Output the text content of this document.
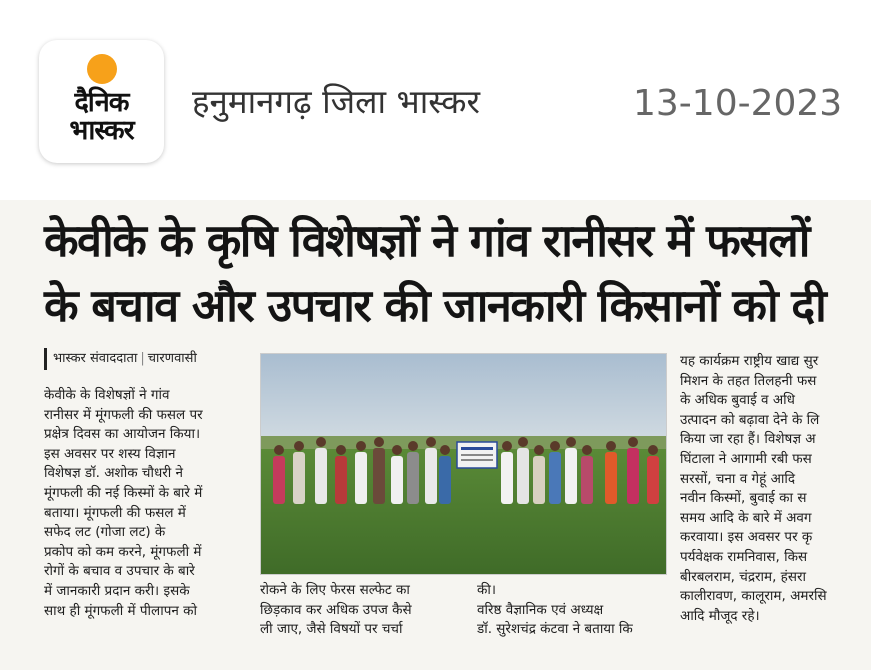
दैनिक
भास्कर
हनुमानगढ़ जिला भास्कर	13-10-2023
केवीके के कृषि विशेषज्ञों ने गांव रानीसर में फसलों
के बचाव और उपचार की जानकारी किसानों को दी
भास्कर संवाददाता | चारणवासी
केवीके के विशेषज्ञों ने गांव
रानीसर में मूंगफली की फसल पर
प्रक्षेत्र दिवस का आयोजन किया।
इस अवसर पर शस्य विज्ञान
विशेषज्ञ डॉ. अशोक चौधरी ने
मूंगफली की नई किस्मों के बारे में
बताया। मूंगफली की फसल में
सफेद लट (गोजा लट) के
प्रकोप को कम करने, मूंगफली में
रोगों के बचाव व उपचार के बारे
में जानकारी प्रदान करी। इसके
साथ ही मूंगफली में पीलापन को
रोकने के लिए फेरस सल्फेट का
छिड़काव कर अधिक उपज कैसे
ली जाए, जैसे विषयों पर चर्चा
की।
वरिष्ठ वैज्ञानिक एवं अध्यक्ष
डॉ. सुरेशचंद्र कंटवा ने बताया कि
यह कार्यक्रम राष्ट्रीय खाद्य सुर
मिशन के तहत तिलहनी फस
के अधिक बुवाई व अधि
उत्पादन को बढ़ावा देने के लि
किया जा रहा हैं। विशेषज्ञ अ
घिंटाला ने आगामी रबी फस
सरसों, चना व गेहूं आदि
नवीन किस्मों, बुवाई का स
समय आदि के बारे में अवग
करवाया। इस अवसर पर कृ
पर्यवेक्षक रामनिवास, किस
बीरबलराम, चंद्रराम, हंसरा
कालीरावण, कालूराम, अमरसि
आदि मौजूद रहे।
